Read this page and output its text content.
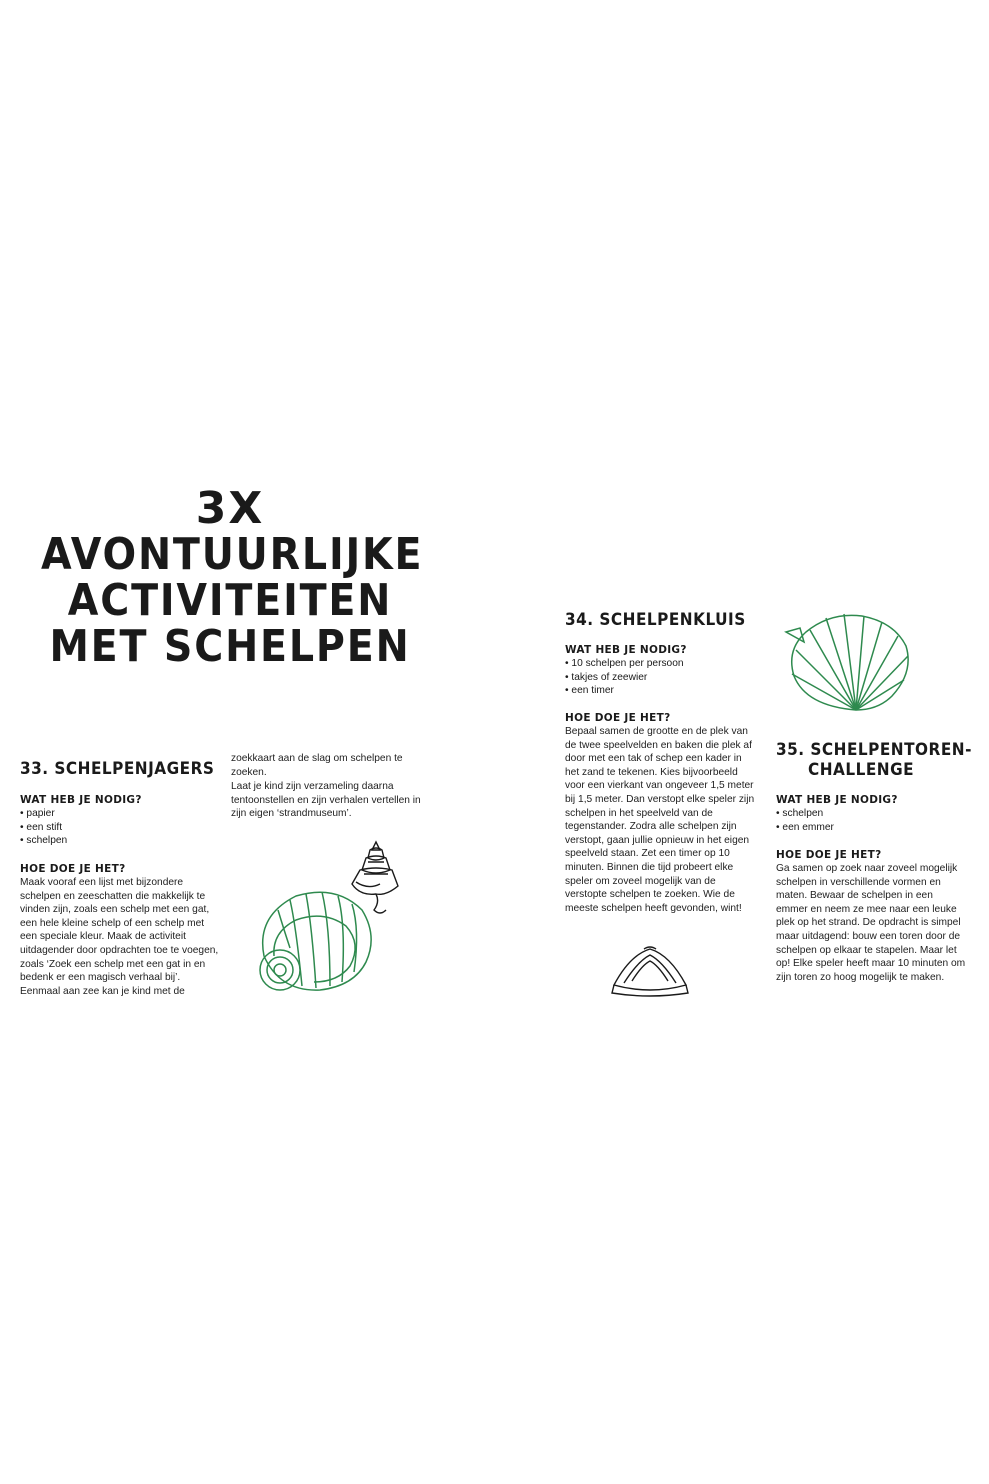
3X
AVONTUURLIJKE
ACTIVITEITEN
MET SCHELPEN
33. SCHELPENJAGERS
WAT HEB JE NODIG?
• papier
• een stift
• schelpen
HOE DOE JE HET?

Maak vooraf een lijst met bijzondere schelpen en zeeschatten die makkelijk te vinden zijn, zoals een schelp met een gat, een hele kleine schelp of een schelp met een speciale kleur. Maak de activiteit uitdagender door opdrachten toe te voegen, zoals ‘Zoek een schelp met een gat in en bedenk er een magisch verhaal bij’. Eenmaal aan zee kan je kind met de

zoekkaart aan de slag om schelpen te zoeken.

Laat je kind zijn verzameling daarna tentoonstellen en zijn verhalen vertellen in zijn eigen ‘strandmuseum’.

34. SCHELPENKLUIS
WAT HEB JE NODIG?
• 10 schelpen per persoon
• takjes of zeewier
• een timer
HOE DOE JE HET?

Bepaal samen de grootte en de plek van de twee speelvelden en baken die plek af door met een tak of schep een kader in het zand te tekenen. Kies bijvoorbeeld voor een vierkant van ongeveer 1,5 meter bij 1,5 meter. Dan verstopt elke speler zijn schelpen in het speelveld van de tegenstander. Zodra alle schelpen zijn verstopt, gaan jullie opnieuw in het eigen speelveld staan. Zet een timer op 10 minuten. Binnen die tijd probeert elke speler om zoveel mogelijk van de verstopte schelpen te zoeken. Wie de meeste schelpen heeft gevonden, wint!

35. SCHELPENTOREN-
CHALLENGE
WAT HEB JE NODIG?
• schelpen
• een emmer
HOE DOE JE HET?

Ga samen op zoek naar zoveel mogelijk schelpen in verschillende vormen en maten. Bewaar de schelpen in een emmer en neem ze mee naar een leuke plek op het strand. De opdracht is simpel maar uitdagend: bouw een toren door de schelpen op elkaar te stapelen. Maar let op! Elke speler heeft maar 10 minuten om zijn toren zo hoog mogelijk te maken.
